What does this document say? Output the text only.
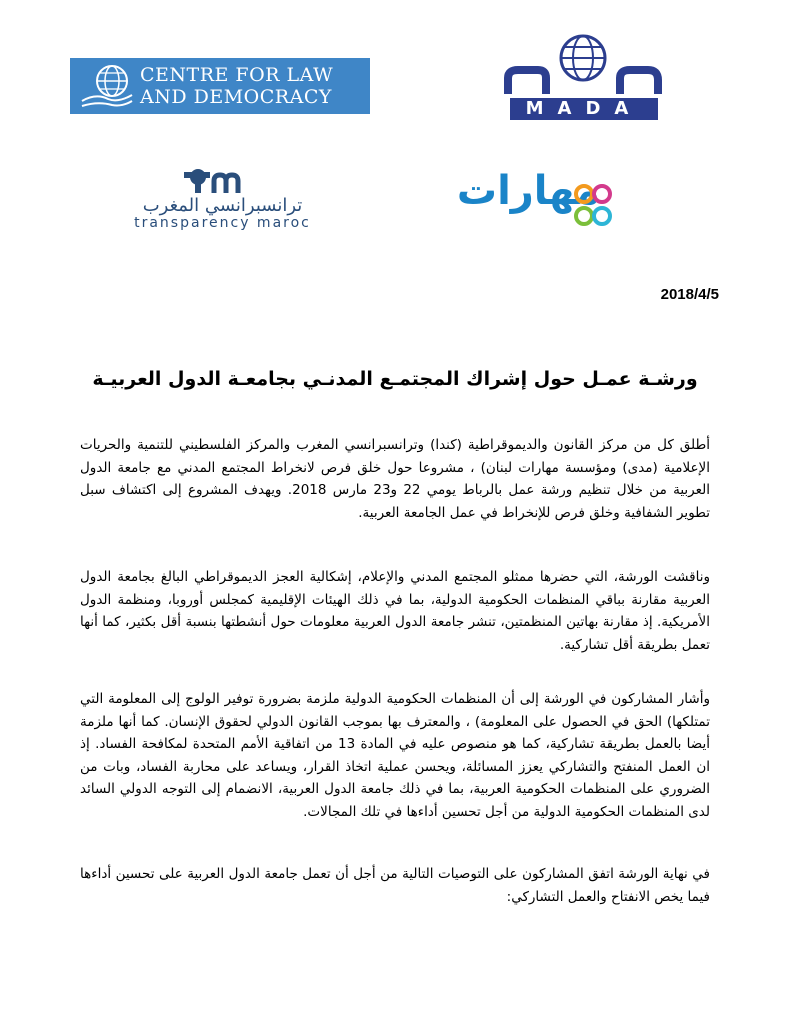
CENTRE FOR LAW
AND DEMOCRACY
MADA
ترانسبرانسي المغرب
transparency maroc
مهارات
2018/4/5
ورشـة عمـل حول إشراك المجتمـع المدنـي بجامعـة الدول العربيـة
أطلق كل من مركز القانون والديموقراطية (كندا) وترانسبرانسي المغرب والمركز الفلسطيني للتنمية والحريات الإعلامية (مدى) ومؤسسة مهارات لبنان) ، مشروعا حول خلق فرص لانخراط المجتمع المدني مع جامعة الدول العربية من خلال تنظيم ورشة عمل بالرباط يومي 22 و23 مارس 2018. ويهدف المشروع إلى اكتشاف سبل تطوير الشفافية وخلق فرص للإنخراط في عمل الجامعة العربية.
وناقشت الورشة، التي حضرها ممثلو المجتمع المدني والإعلام، إشكالية العجز الديموقراطي البالغ بجامعة الدول العربية مقارنة بباقي المنظمات الحكومية الدولية، بما في ذلك الهيئات الإقليمية كمجلس أوروبا، ومنظمة الدول الأمريكية. إذ مقارنة بهاتين المنظمتين، تنشر جامعة الدول العربية معلومات حول أنشطتها بنسبة أقل بكثير، كما أنها تعمل بطريقة أقل تشاركية.
وأشار المشاركون في الورشة إلى أن المنظمات الحكومية الدولية ملزمة بضرورة توفير الولوج إلى المعلومة التي تمتلكها) الحق في الحصول على المعلومة) ، والمعترف بها بموجب القانون الدولي لحقوق الإنسان. كما أنها ملزمة أيضا بالعمل بطريقة تشاركية، كما هو منصوص عليه في المادة 13 من اتفاقية الأمم المتحدة لمكافحة الفساد. إذ ان العمل المنفتح والتشاركي يعزز المسائلة، ويحسن عملية اتخاذ القرار، ويساعد على محاربة الفساد، وبات من الضروري على المنظمات الحكومية العربية، بما في ذلك جامعة الدول العربية، الانضمام إلى التوجه الدولي السائد لدى المنظمات الحكومية الدولية من أجل تحسين أداءها في تلك المجالات.
في نهاية الورشة اتفق المشاركون على التوصيات التالية من أجل أن تعمل جامعة الدول العربية على تحسين أداءها فيما يخص الانفتاح والعمل التشاركي:
